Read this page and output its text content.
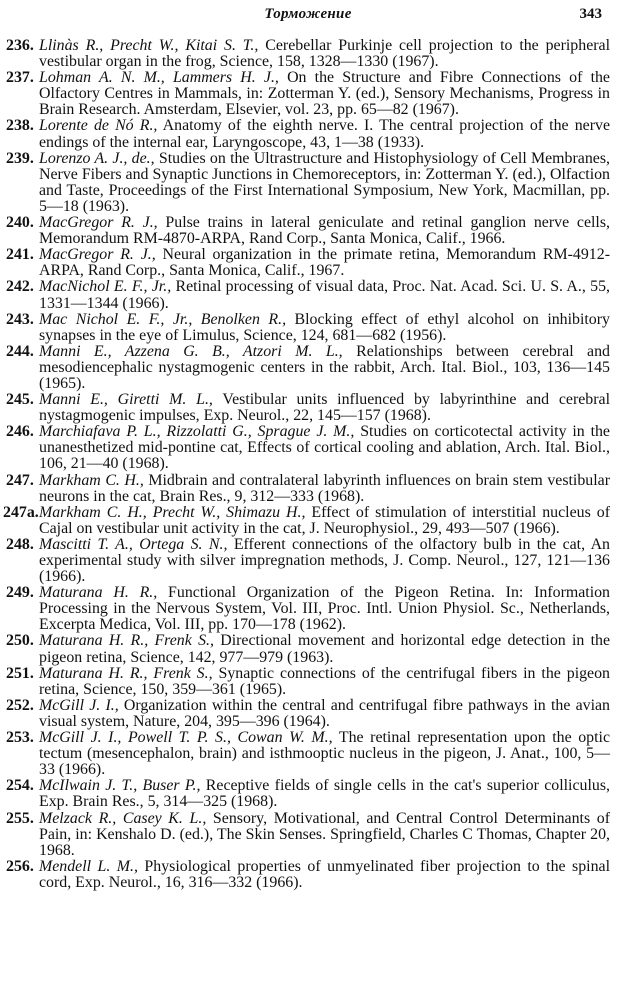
Торможение	343
236. Llinàs R., Precht W., Kitai S. T., Cerebellar Purkinje cell projection to the peripheral vestibular organ in the frog, Science, 158, 1328—1330 (1967).
237. Lohman A. N. M., Lammers H. J., On the Structure and Fibre Connections of the Olfactory Centres in Mammals, in: Zotterman Y. (ed.), Sensory Mechanisms, Progress in Brain Research. Amsterdam, Elsevier, vol. 23, pp. 65—82 (1967).
238. Lorente de Nó R., Anatomy of the eighth nerve. I. The central projection of the nerve endings of the internal ear, Laryngoscope, 43, 1—38 (1933).
239. Lorenzo A. J., de., Studies on the Ultrastructure and Histophysiology of Cell Membranes, Nerve Fibers and Synaptic Junctions in Chemoreceptors, in: Zotterman Y. (ed.), Olfaction and Taste, Proceedings of the First International Symposium, New York, Macmillan, pp. 5—18 (1963).
240. MacGregor R. J., Pulse trains in lateral geniculate and retinal ganglion nerve cells, Memorandum RM-4870-ARPA, Rand Corp., Santa Monica, Calif., 1966.
241. MacGregor R. J., Neural organization in the primate retina, Memorandum RM-4912-ARPA, Rand Corp., Santa Monica, Calif., 1967.
242. MacNichol E. F., Jr., Retinal processing of visual data, Proc. Nat. Acad. Sci. U. S. A., 55, 1331—1344 (1966).
243. Mac Nichol E. F., Jr., Benolken R., Blocking effect of ethyl alcohol on inhibitory synapses in the eye of Limulus, Science, 124, 681—682 (1956).
244. Manni E., Azzena G. B., Atzori M. L., Relationships between cerebral and mesodiencephalic nystagmogenic centers in the rabbit, Arch. Ital. Biol., 103, 136—145 (1965).
245. Manni E., Giretti M. L., Vestibular units influenced by labyrinthine and cerebral nystagmogenic impulses, Exp. Neurol., 22, 145—157 (1968).
246. Marchiafava P. L., Rizzolatti G., Sprague J. M., Studies on corticotectal activity in the unanesthetized mid-pontine cat, Effects of cortical cooling and ablation, Arch. Ital. Biol., 106, 21—40 (1968).
247. Markham C. H., Midbrain and contralateral labyrinth influences on brain stem vestibular neurons in the cat, Brain Res., 9, 312—333 (1968).
247a. Markham C. H., Precht W., Shimazu H., Effect of stimulation of interstitial nucleus of Cajal on vestibular unit activity in the cat, J. Neurophysiol., 29, 493—507 (1966).
248. Mascitti T. A., Ortega S. N., Efferent connections of the olfactory bulb in the cat, An experimental study with silver impregnation methods, J. Comp. Neurol., 127, 121—136 (1966).
249. Maturana H. R., Functional Organization of the Pigeon Retina. In: Information Processing in the Nervous System, Vol. III, Proc. Intl. Union Physiol. Sc., Netherlands, Excerpta Medica, Vol. III, pp. 170—178 (1962).
250. Maturana H. R., Frenk S., Directional movement and horizontal edge detection in the pigeon retina, Science, 142, 977—979 (1963).
251. Maturana H. R., Frenk S., Synaptic connections of the centrifugal fibers in the pigeon retina, Science, 150, 359—361 (1965).
252. McGill J. I., Organization within the central and centrifugal fibre pathways in the avian visual system, Nature, 204, 395—396 (1964).
253. McGill J. I., Powell T. P. S., Cowan W. M., The retinal representation upon the optic tectum (mesencephalon, brain) and isthmooptic nucleus in the pigeon, J. Anat., 100, 5—33 (1966).
254. McIlwain J. T., Buser P., Receptive fields of single cells in the cat's superior colliculus, Exp. Brain Res., 5, 314—325 (1968).
255. Melzack R., Casey K. L., Sensory, Motivational, and Central Control Determinants of Pain, in: Kenshalo D. (ed.), The Skin Senses. Springfield, Charles C Thomas, Chapter 20, 1968.
256. Mendell L. M., Physiological properties of unmyelinated fiber projection to the spinal cord, Exp. Neurol., 16, 316—332 (1966).
